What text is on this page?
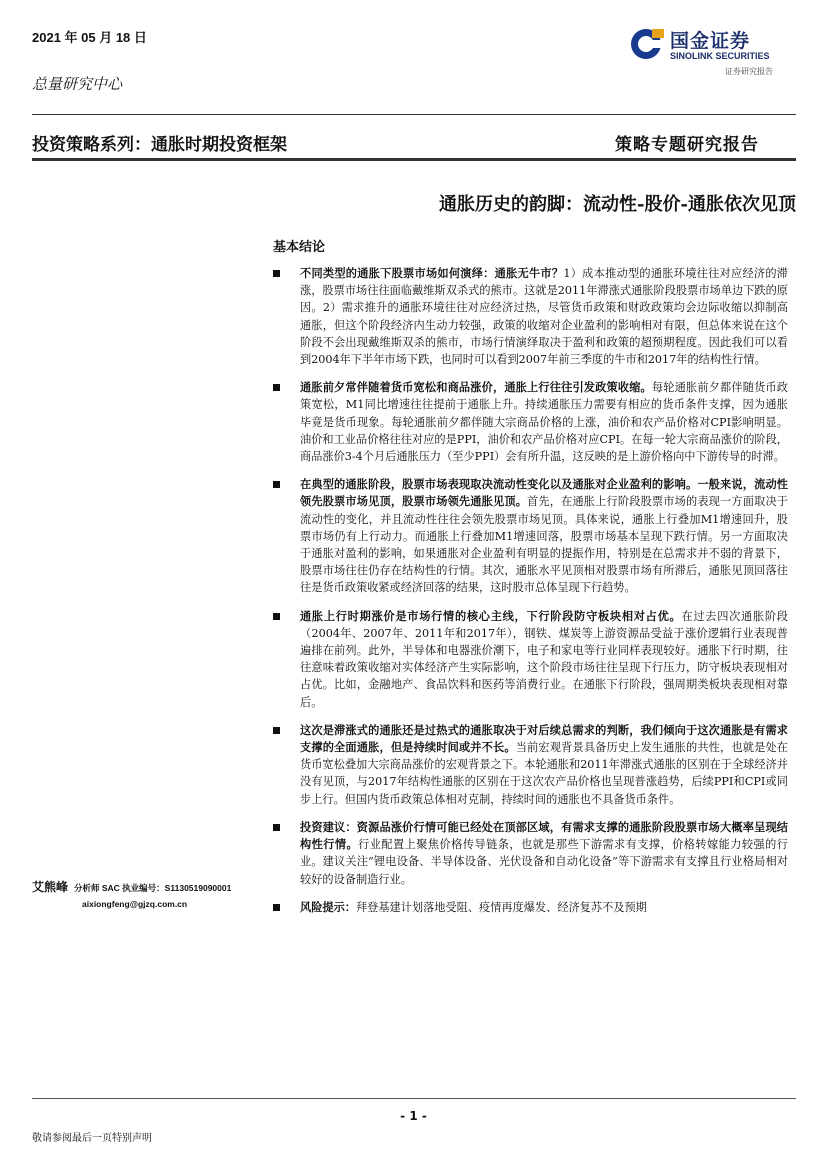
2021 年 05 月 18 日
总量研究中心
国金证券
SINOLINK SECURITIES
证券研究报告
投资策略系列：通胀时期投资框架	策略专题研究报告
通胀历史的韵脚：流动性-股价-通胀依次见顶
基本结论
不同类型的通胀下股票市场如何演绎：通胀无牛市？1）成本推动型的通胀环境往往对应经济的滞涨，股票市场往往面临戴维斯双杀式的熊市。这就是2011年滞涨式通胀阶段股票市场单边下跌的原因。2）需求推升的通胀环境往往对应经济过热，尽管货币政策和财政政策均会边际收缩以抑制高通胀，但这个阶段经济内生动力较强，政策的收缩对企业盈利的影响相对有限，但总体来说在这个阶段不会出现戴维斯双杀的熊市，市场行情演绎取决于盈利和政策的超预期程度。因此我们可以看到2004年下半年市场下跌，也同时可以看到2007年前三季度的牛市和2017年的结构性行情。
通胀前夕常伴随着货币宽松和商品涨价，通胀上行往往引发政策收缩。每轮通胀前夕都伴随货币政策宽松，M1同比增速往往提前于通胀上升。持续通胀压力需要有相应的货币条件支撑，因为通胀毕竟是货币现象。每轮通胀前夕都伴随大宗商品价格的上涨，油价和农产品价格对CPI影响明显。油价和工业品价格往往对应的是PPI，油价和农产品价格对应CPI。在每一轮大宗商品涨价的阶段，商品涨价3-4个月后通胀压力（至少PPI）会有所升温，这反映的是上游价格向中下游传导的时滞。
在典型的通胀阶段，股票市场表现取决流动性变化以及通胀对企业盈利的影响。一般来说，流动性领先股票市场见顶，股票市场领先通胀见顶。首先，在通胀上行阶段股票市场的表现一方面取决于流动性的变化，并且流动性往往会领先股票市场见顶。具体来说，通胀上行叠加M1增速回升，股票市场仍有上行动力。而通胀上行叠加M1增速回落，股票市场基本呈现下跌行情。另一方面取决于通胀对盈利的影响，如果通胀对企业盈利有明显的提振作用，特别是在总需求并不弱的背景下，股票市场往往仍存在结构性的行情。其次，通胀水平见顶相对股票市场有所滞后，通胀见顶回落往往是货币政策收紧或经济回落的结果，这时股市总体呈现下行趋势。
通胀上行时期涨价是市场行情的核心主线，下行阶段防守板块相对占优。在过去四次通胀阶段（2004年、2007年、2011年和2017年），钢铁、煤炭等上游资源品受益于涨价逻辑行业表现普遍排在前列。此外，半导体和电器涨价潮下，电子和家电等行业同样表现较好。通胀下行时期，往往意味着政策收缩对实体经济产生实际影响，这个阶段市场往往呈现下行压力，防守板块表现相对占优。比如，金融地产、食品饮料和医药等消费行业。在通胀下行阶段，强周期类板块表现相对靠后。
这次是滞涨式的通胀还是过热式的通胀取决于对后续总需求的判断，我们倾向于这次通胀是有需求支撑的全面通胀，但是持续时间或并不长。当前宏观背景具备历史上发生通胀的共性，也就是处在货币宽松叠加大宗商品涨价的宏观背景之下。本轮通胀和2011年滞涨式通胀的区别在于全球经济并没有见顶，与2017年结构性通胀的区别在于这次农产品价格也呈现普涨趋势，后续PPI和CPI或同步上行。但国内货币政策总体相对克制，持续时间的通胀也不具备货币条件。
投资建议：资源品涨价行情可能已经处在顶部区域，有需求支撑的通胀阶段股票市场大概率呈现结构性行情。行业配置上聚焦价格传导链条，也就是那些下游需求有支撑，价格转嫁能力较强的行业。建议关注“锂电设备、半导体设备、光伏设备和自动化设备”等下游需求有支撑且行业格局相对较好的设备制造行业。
风险提示：拜登基建计划落地受阻、疫情再度爆发、经济复苏不及预期
艾熊峰 分析师 SAC 执业编号：S1130519090001
aixiongfeng@gjzq.com.cn
- 1 -
敬请参阅最后一页特别声明
